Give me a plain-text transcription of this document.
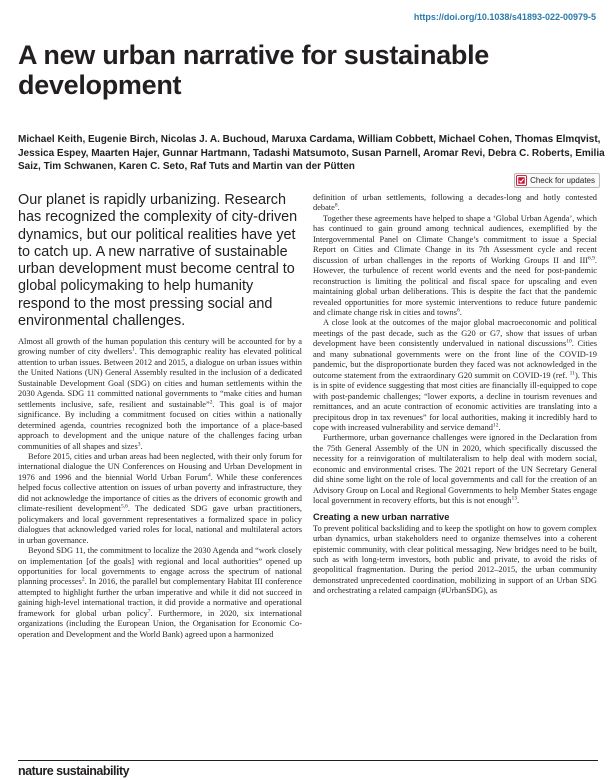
https://doi.org/10.1038/s41893-022-00979-5
A new urban narrative for sustainable development
Michael Keith, Eugenie Birch, Nicolas J. A. Buchoud, Maruxa Cardama, William Cobbett, Michael Cohen, Thomas Elmqvist, Jessica Espey, Maarten Hajer, Gunnar Hartmann, Tadashi Matsumoto, Susan Parnell, Aromar Revi, Debra C. Roberts, Emilia Saiz, Tim Schwanen, Karen C. Seto, Raf Tuts and Martin van der Pütten
Check for updates
Our planet is rapidly urbanizing. Research has recognized the complexity of city-driven dynamics, but our political realities have yet to catch up. A new narrative of sustainable urban development must become central to global policymaking to help humanity respond to the most pressing social and environmental challenges.

Almost all growth of the human population this century will be accounted for by a growing number of city dwellers$^1$. This demographic reality has elevated political attention to urban issues. Between 2012 and 2015, a dialogue on urban issues within the United Nations (UN) General Assembly resulted in the inclusion of a dedicated Sustainable Development Goal (SDG) on cities and human settlements within the 2030 Agenda. SDG 11 committed national governments to “make cities and human settlements inclusive, safe, resilient and sustainable”$^2$. This goal is of major significance. By including a commitment focused on cities within a nationally determined agenda, countries recognized both the importance of a place-based approach to development and the unique nature of the challenges facing urban communities of all shapes and sizes$^3$.

Before 2015, cities and urban areas had been neglected, with their only forum for international dialogue the UN Conferences on Housing and Urban Development in 1976 and 1996 and the biennial World Urban Forum$^4$. While these conferences helped focus collective attention on issues of urban poverty and infrastructure, they did not acknowledge the importance of cities as the drivers of economic growth and climate-resilient development$^{5,6}$. The dedicated SDG gave urban practitioners, policymakers and local government representatives a formalized space in policy dialogues that acknowledged varied roles for local, national and multilateral actors in urban governance.

Beyond SDG 11, the commitment to localize the 2030 Agenda and “work closely on implementation [of the goals] with regional and local authorities” opened up opportunities for local governments to engage across the spectrum of national planning processes$^2$. In 2016, the parallel but complementary Habitat III conference attempted to highlight further the urban imperative and while it did not succeed in gaining high-level international traction, it did provide a normative and operational framework for global urban policy$^7$. Furthermore, in 2020, six international organizations (including the European Union, the Organisation for Economic Co-operation and Development and the World Bank) agreed upon a harmonized

definition of urban settlements, following a decades-long and hotly contested debate$^8$.

Together these agreements have helped to shape a ‘Global Urban Agenda’, which has continued to gain ground among technical audiences, exemplified by the Intergovernmental Panel on Climate Change’s commitment to issue a Special Report on Cities and Climate Change in its 7th Assessment cycle and recent discussion of urban challenges in the reports of Working Groups II and III$^{6,9}$. However, the turbulence of recent world events and the need for post-pandemic reconstruction is limiting the political and fiscal space for upscaling and even maintaining global urban deliberations. This is despite the fact that the pandemic revealed opportunities for more systemic interventions to reduce future pandemic and climate change risk in cities and towns$^6$.

A close look at the outcomes of the major global macroeconomic and political meetings of the past decade, such as the G20 or G7, show that issues of urban development have been consistently undervalued in national discussions$^{10}$. Cities and many subnational governments were on the front line of the COVID-19 pandemic, but the disproportionate burden they faced was not acknowledged in the outcome statement from the extraordinary G20 summit on COVID-19 (ref. $^{11}$). This is in spite of evidence suggesting that most cities are financially ill-equipped to cope with post-pandemic challenges; “lower exports, a decline in tourism revenues and remittances, and an acute contraction of economic activities are translating into a precipitous drop in tax revenues” for local authorities, making it incredibly hard to cope with increased vulnerability and service demand$^{12}$.

Furthermore, urban governance challenges were ignored in the Declaration from the 75th General Assembly of the UN in 2020, which specifically discussed the necessity for a reinvigoration of multilateralism to help deal with modern social, economic and environmental crises. The 2021 report of the UN Secretary General did shine some light on the role of local governments and call for the creation of an Advisory Group on Local and Regional Governments to help Member States engage local government in recovery efforts, but this is not enough$^{13}$.

Creating a new urban narrative

To prevent political backsliding and to keep the spotlight on how to govern complex urban dynamics, urban stakeholders need to organize themselves into a coherent epistemic community, with clear political messaging. New bridges need to be built, such as with long-term investors, both public and private, to avoid the risks of geopolitical fragmentation. During the period 2012–2015, the urban community demonstrated unprecedented coordination, mobilizing in support of an Urban SDG and orchestrating a related campaign (#UrbanSDG), as

nature sustainability
